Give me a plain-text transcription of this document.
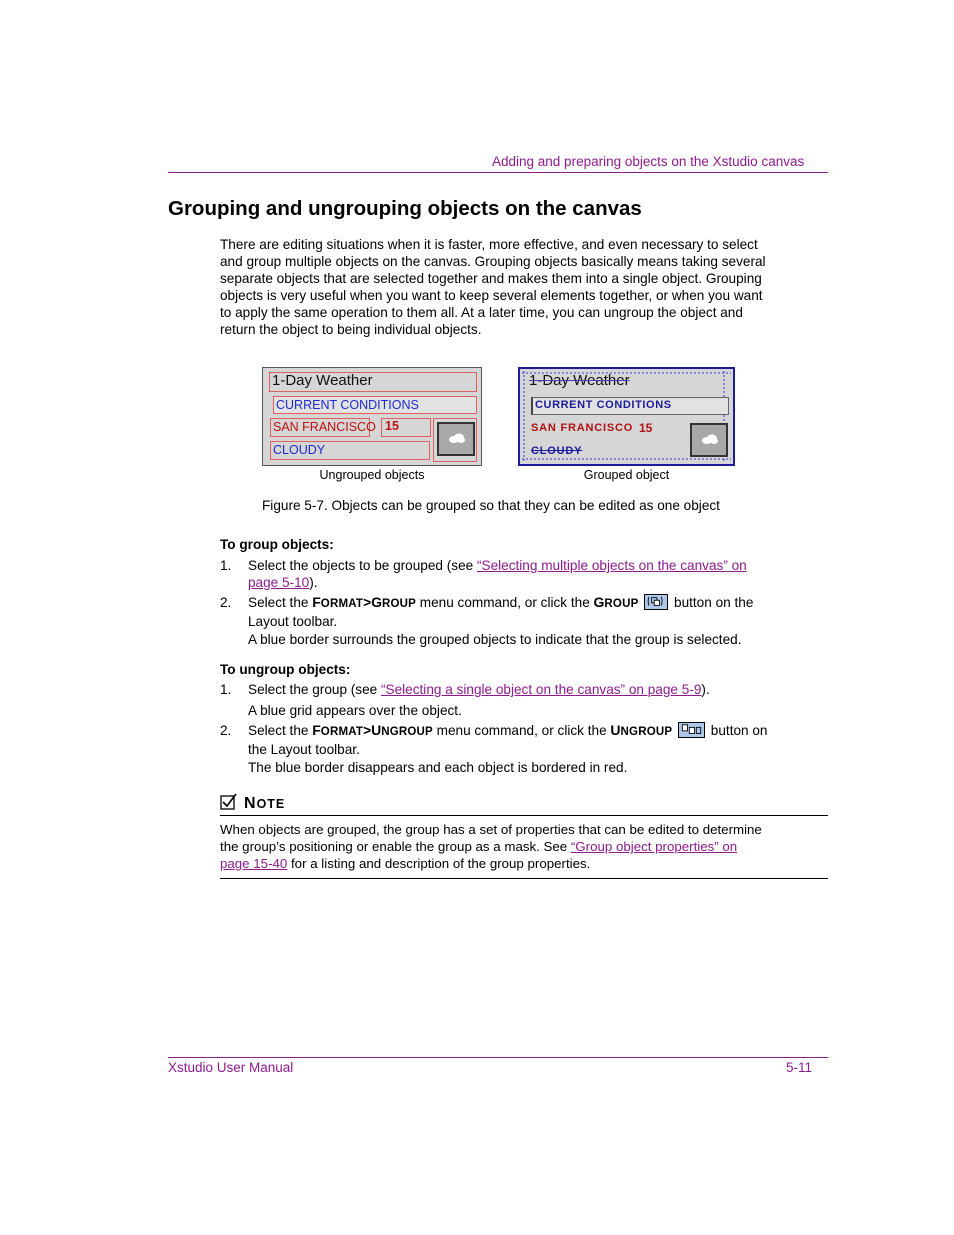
Adding and preparing objects on the Xstudio canvas
Grouping and ungrouping objects on the canvas
There are editing situations when it is faster, more effective, and even necessary to select
and group multiple objects on the canvas. Grouping objects basically means taking several
separate objects that are selected together and makes them into a single object. Grouping
objects is very useful when you want to keep several elements together, or when you want
to apply the same operation to them all. At a later time, you can ungroup the object and
return the object to being individual objects.
1-Day Weather
CURRENT CONDITIONS
SAN FRANCISCO 15
CLOUDY
Ungrouped objects
1-Day Weather
CURRENT CONDITIONS
SAN FRANCISCO 15
CLOUDY
Grouped object
Figure 5-7. Objects can be grouped so that they can be edited as one object
To group objects:
1. Select the objects to be grouped (see “Selecting multiple objects on the canvas” on
page 5-10).
2. Select the FORMAT>GROUP menu command, or click the GROUP
button on the
Layout toolbar.
A blue border surrounds the grouped objects to indicate that the group is selected.
To ungroup objects:
1. Select the group (see “Selecting a single object on the canvas” on page 5-9).
A blue grid appears over the object.
2. Select the FORMAT>UNGROUP menu command, or click the UNGROUP	button on
the Layout toolbar.
The blue border disappears and each object is bordered in red.
NOTE
When objects are grouped, the group has a set of properties that can be edited to determine
the group’s positioning or enable the group as a mask. See “Group object properties” on
page 15-40 for a listing and description of the group properties.
Xstudio User Manual	5-11
